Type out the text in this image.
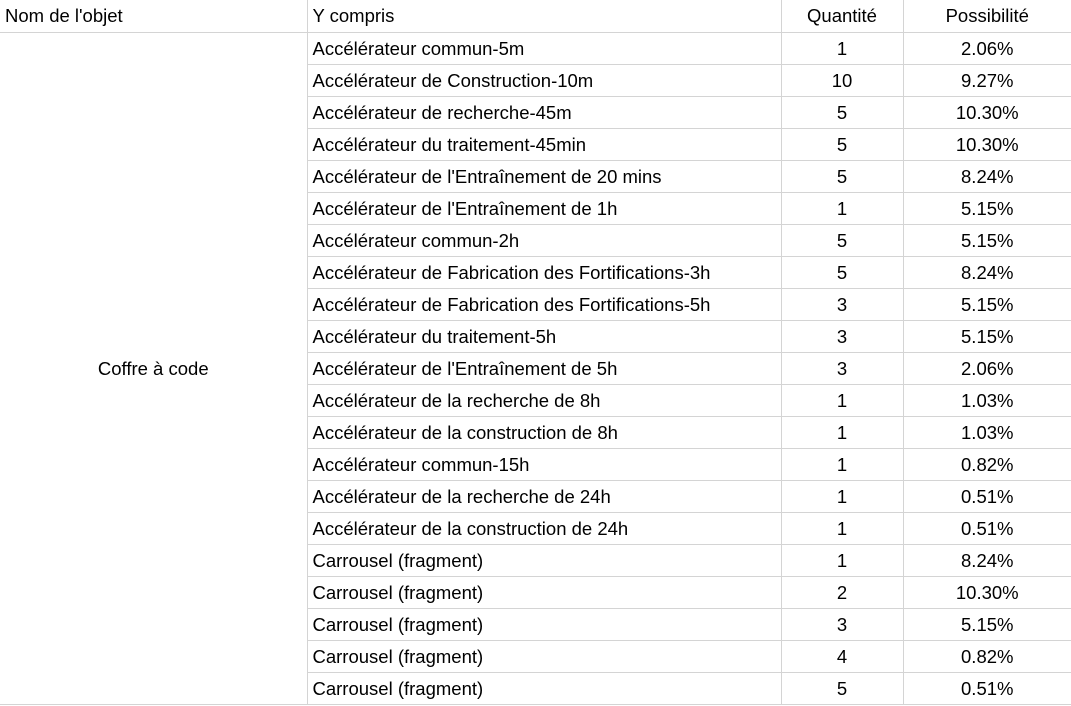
Nom de l'objet	Y compris	Quantité	Possibilité
Coffre à code	Accélérateur commun-5m	1	2.06%
	Accélérateur de Construction-10m	10	9.27%
	Accélérateur de recherche-45m	5	10.30%
	Accélérateur du traitement-45min	5	10.30%
	Accélérateur de l'Entraînement de 20 mins	5	8.24%
	Accélérateur de l'Entraînement de 1h	1	5.15%
	Accélérateur commun-2h	5	5.15%
	Accélérateur de Fabrication des Fortifications-3h	5	8.24%
	Accélérateur de Fabrication des Fortifications-5h	3	5.15%
	Accélérateur du traitement-5h	3	5.15%
	Accélérateur de l'Entraînement de 5h	3	2.06%
	Accélérateur de la recherche de 8h	1	1.03%
	Accélérateur de la construction de 8h	1	1.03%
	Accélérateur commun-15h	1	0.82%
	Accélérateur de la recherche de 24h	1	0.51%
	Accélérateur de la construction de 24h	1	0.51%
	Carrousel (fragment)	1	8.24%
	Carrousel (fragment)	2	10.30%
	Carrousel (fragment)	3	5.15%
	Carrousel (fragment)	4	0.82%
	Carrousel (fragment)	5	0.51%
